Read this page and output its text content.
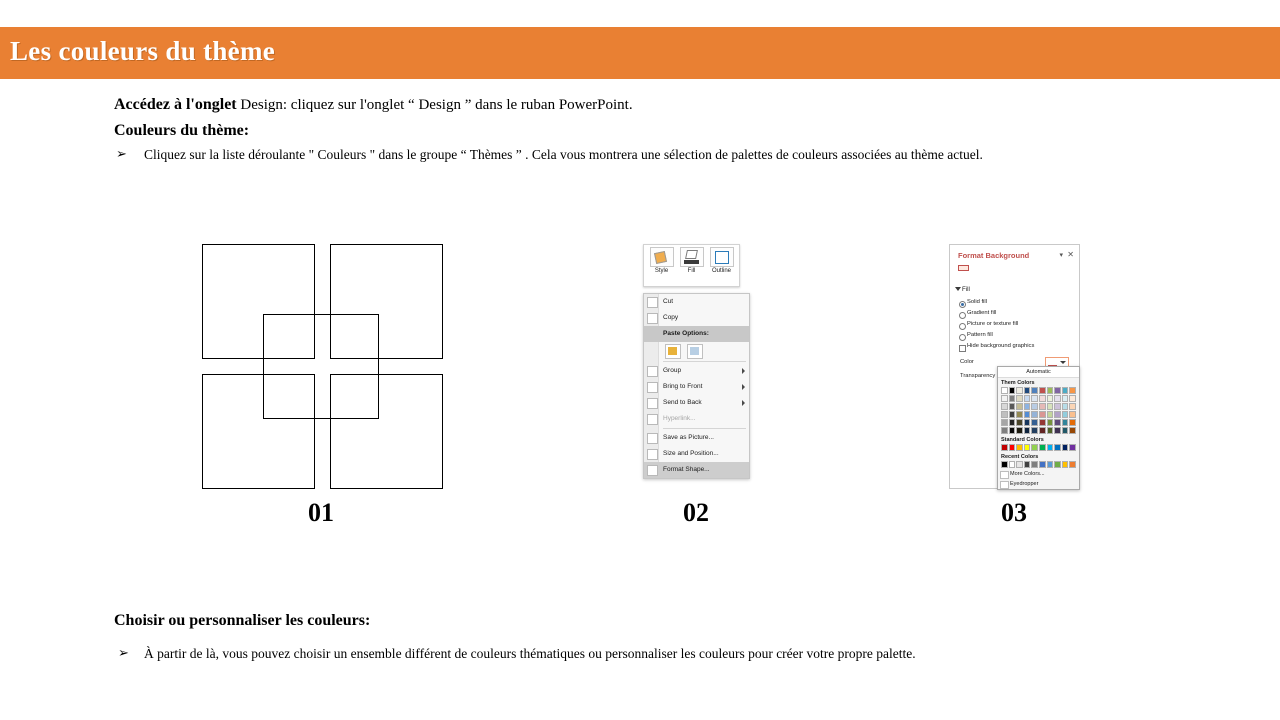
Les couleurs du thème
Accédez à l'onglet Design: cliquez sur l'onglet “ Design ” dans le ruban PowerPoint.
Couleurs du thème:
➢ Cliquez sur la liste déroulante " Couleurs " dans le groupe “ Thèmes ” . Cela vous montrera une sélection de palettes de couleurs associées au thème actuel.
Choisir ou personnaliser les couleurs:
➢ À partir de là, vous pouvez choisir un ensemble différent de couleurs thématiques ou personnaliser les couleurs pour créer votre propre palette.
01
Style	Fill	Outline
Cut
Copy
Paste Options:
Group
Bring to Front
Send to Back
Hyperlink...
Save as Picture...
Size and Position...
Format Shape...
02
Format Background	▾ ✕
Fill
Solid fill
Gradient fill
Picture or texture fill
Pattern fill
Hide background graphics
Color
Transparency
Automatic
Them Colors
Standard Colors
Recent Colors
More Colors...
Eyedropper
03
